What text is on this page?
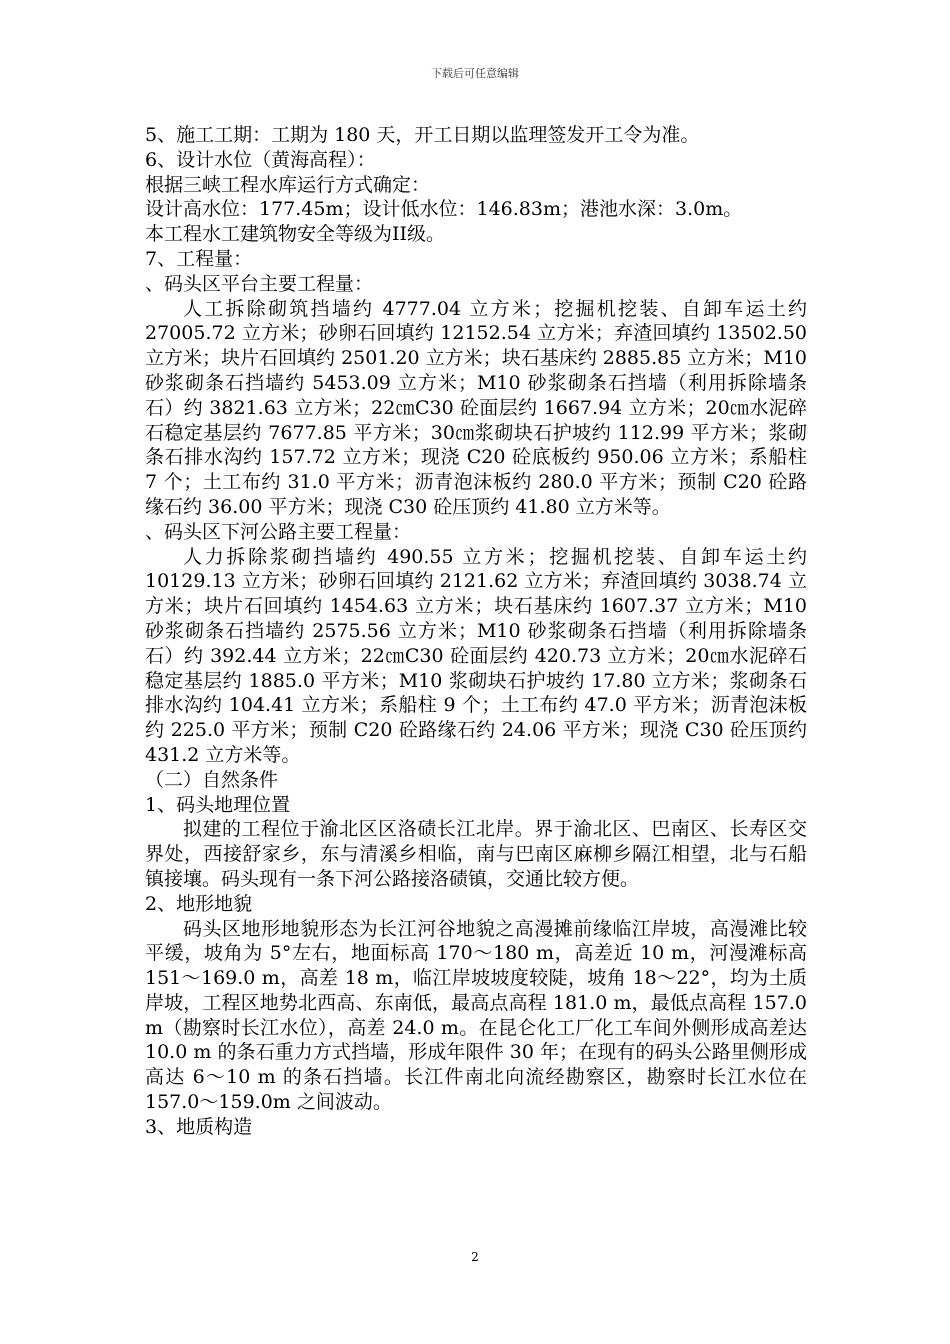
下载后可任意编辑

5、施工工期：工期为 180 天，开工日期以监理签发开工令为准。

6、设计水位（黄海高程）：

根据三峡工程水库运行方式确定：

设计高水位：177.45m；设计低水位：146.83m；港池水深：3.0m。

本工程水工建筑物安全等级为II级。

7、工程量：

、码头区平台主要工程量：

人工拆除砌筑挡墙约 4777.04 立方米；挖掘机挖装、自卸车运土约 27005.72 立方米；砂卵石回填约 12152.54 立方米；弃渣回填约 13502.50 立方米；块片石回填约 2501.20 立方米；块石基床约 2885.85 立方米；M10 砂浆砌条石挡墙约 5453.09 立方米；M10 砂浆砌条石挡墙（利用拆除墙条石）约 3821.63 立方米；22㎝C30 砼面层约 1667.94 立方米；20㎝水泥碎石稳定基层约 7677.85 平方米；30㎝浆砌块石护坡约 112.99 平方米；浆砌条石排水沟约 157.72 立方米；现浇 C20 砼底板约 950.06 立方米；系船柱 7 个；土工布约 31.0 平方米；沥青泡沫板约 280.0 平方米；预制 C20 砼路缘石约 36.00 平方米；现浇 C30 砼压顶约 41.80 立方米等。

、码头区下河公路主要工程量：

人力拆除浆砌挡墙约 490.55 立方米；挖掘机挖装、自卸车运土约 10129.13 立方米；砂卵石回填约 2121.62 立方米；弃渣回填约 3038.74 立方米；块片石回填约 1454.63 立方米；块石基床约 1607.37 立方米；M10 砂浆砌条石挡墙约 2575.56 立方米；M10 砂浆砌条石挡墙（利用拆除墙条石）约 392.44 立方米；22㎝C30 砼面层约 420.73 立方米；20㎝水泥碎石稳定基层约 1885.0 平方米；M10 浆砌块石护坡约 17.80 立方米；浆砌条石排水沟约 104.41 立方米；系船柱 9 个；土工布约 47.0 平方米；沥青泡沫板约 225.0 平方米；预制 C20 砼路缘石约 24.06 平方米；现浇 C30 砼压顶约 431.2 立方米等。

（二）自然条件

1、码头地理位置

拟建的工程位于渝北区区洛碛长江北岸。界于渝北区、巴南区、长寿区交界处，西接舒家乡，东与清溪乡相临，南与巴南区麻柳乡隔江相望，北与石船镇接壤。码头现有一条下河公路接洛碛镇，交通比较方便。

2、地形地貌

码头区地形地貌形态为长江河谷地貌之高漫摊前缘临江岸坡，高漫滩比较平缓，坡角为 5°左右，地面标高 170～180 m，高差近 10 m，河漫滩标高 151～169.0 m，高差 18 m，临江岸坡坡度较陡，坡角 18～22°，均为土质岸坡，工程区地势北西高、东南低，最高点高程 181.0 m，最低点高程 157.0 m（勘察时长江水位），高差 24.0 m。在昆仑化工厂化工车间外侧形成高差达 10.0 m 的条石重力方式挡墙，形成年限件 30 年；在现有的码头公路里侧形成高达 6～10 m 的条石挡墙。长江件南北向流经勘察区，勘察时长江水位在 157.0～159.0m 之间波动。

3、地质构造

2
